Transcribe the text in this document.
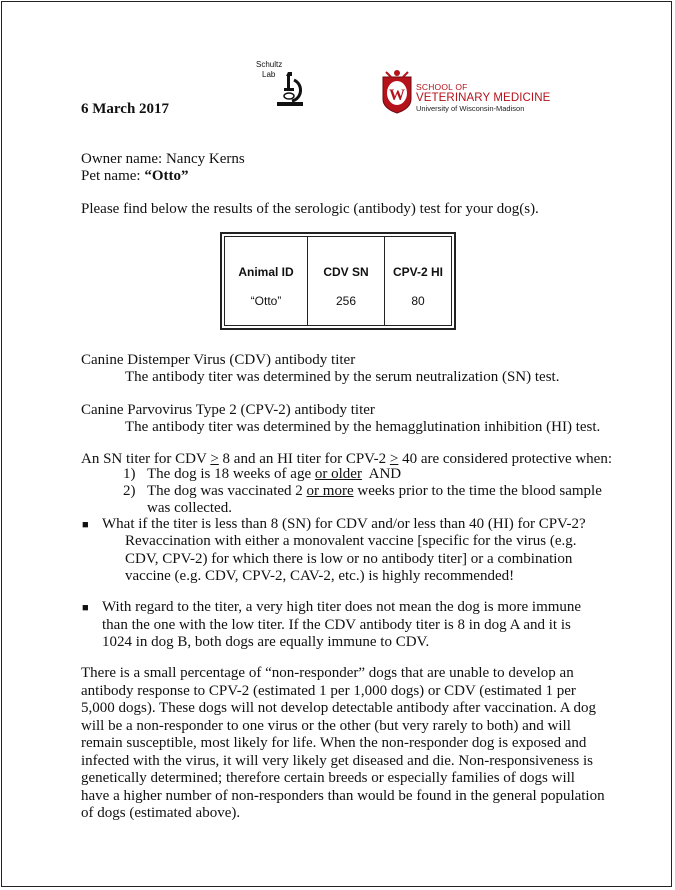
Schultz
Lab
W SCHOOL OF
VETERINARY MEDICINE
University of Wisconsin-Madison
6 March 2017
Owner name: Nancy Kerns
Pet name: “Otto”
Please find below the results of the serologic (antibody) test for your dog(s).
Animal ID
“Otto”
CDV SN
256
CPV-2 HI
80
Canine Distemper Virus (CDV) antibody titer
The antibody titer was determined by the serum neutralization (SN) test.
Canine Parvovirus Type 2 (CPV-2) antibody titer
The antibody titer was determined by the hemagglutination inhibition (HI) test.
An SN titer for CDV > 8 and an HI titer for CPV-2 > 40 are considered protective when:
1) The dog is 18 weeks of age or older  AND
2) The dog was vaccinated 2 or more weeks prior to the time the blood sample
was collected.
■ What if the titer is less than 8 (SN) for CDV and/or less than 40 (HI) for CPV-2?
Revaccination with either a monovalent vaccine [specific for the virus (e.g. CDV, CPV-2) for which there is low or no antibody titer] or a combination vaccine (e.g. CDV, CPV-2, CAV-2, etc.) is highly recommended!
■ With regard to the titer, a very high titer does not mean the dog is more immune than the one with the low titer. If the CDV antibody titer is 8 in dog A and it is 1024 in dog B, both dogs are equally immune to CDV.
There is a small percentage of “non-responder” dogs that are unable to develop an antibody response to CPV-2 (estimated 1 per 1,000 dogs) or CDV (estimated 1 per 5,000 dogs). These dogs will not develop detectable antibody after vaccination. A dog will be a non-responder to one virus or the other (but very rarely to both) and will remain susceptible, most likely for life. When the non-responder dog is exposed and infected with the virus, it will very likely get diseased and die. Non-responsiveness is genetically determined; therefore certain breeds or especially families of dogs will have a higher number of non-responders than would be found in the general population of dogs (estimated above).
